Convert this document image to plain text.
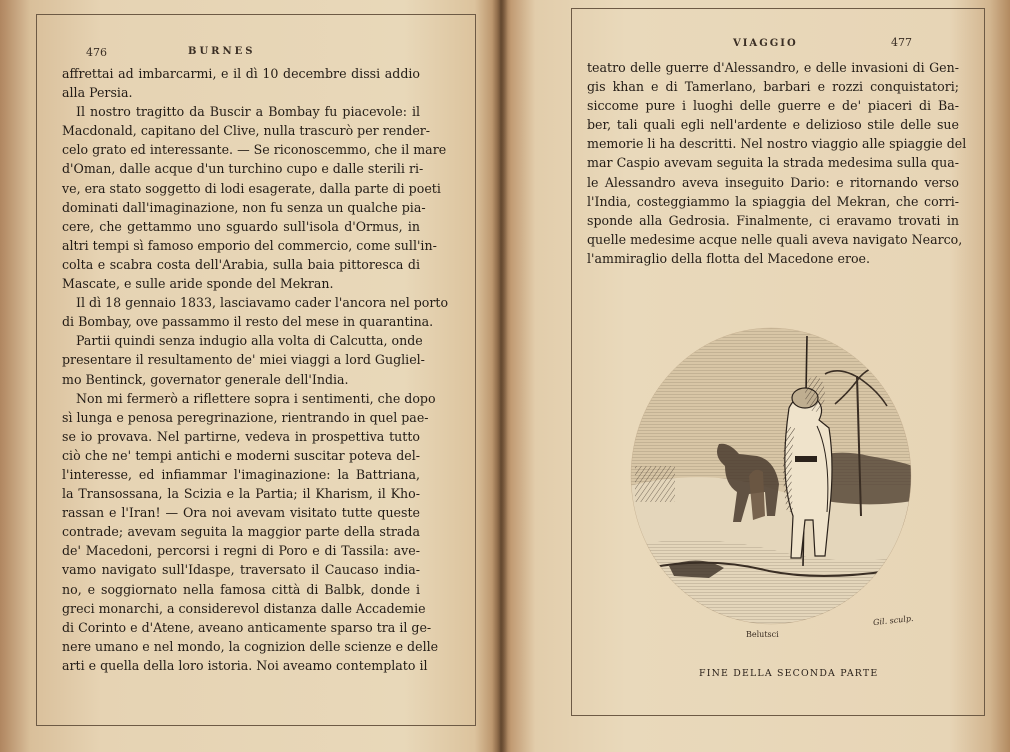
476	BURNES
affrettai ad imbarcarmi, e il dì 10 decembre dissi addio
alla Persia.
Il nostro tragitto da Buscir a Bombay fu piacevole: il
Macdonald, capitano del Clive, nulla trascurò per render-
celo grato ed interessante. — Se riconoscemmo, che il mare
d'Oman, dalle acque d'un turchino cupo e dalle sterili ri-
ve, era stato soggetto di lodi esagerate, dalla parte di poeti
dominati dall'imaginazione, non fu senza un qualche pia-
cere, che gettammo uno sguardo sull'isola d'Ormus, in
altri tempi sì famoso emporio del commercio, come sull'in-
colta e scabra costa dell'Arabia, sulla baia pittoresca di
Mascate, e sulle aride sponde del Mekran.
Il dì 18 gennaio 1833, lasciavamo cader l'ancora nel porto
di Bombay, ove passammo il resto del mese in quarantina.
Partii quindi senza indugio alla volta di Calcutta, onde
presentare il resultamento de' miei viaggi a lord Gugliel-
mo Bentinck, governator generale dell'India.
Non mi fermerò a riflettere sopra i sentimenti, che dopo
sì lunga e penosa peregrinazione, rientrando in quel pae-
se io provava. Nel partirne, vedeva in prospettiva tutto
ciò che ne' tempi antichi e moderni suscitar poteva del-
l'interesse, ed infiammar l'imaginazione: la Battriana,
la Transossana, la Scizia e la Partia; il Kharism, il Kho-
rassan e l'Iran! — Ora noi avevam visitato tutte queste
contrade; avevam seguita la maggior parte della strada
de' Macedoni, percorsi i regni di Poro e di Tassila: ave-
vamo navigato sull'Idaspe, traversato il Caucaso india-
no, e soggiornato nella famosa città di Balbk, donde i
greci monarchi, a considerevol distanza dalle Accademie
di Corinto e d'Atene, aveano anticamente sparso tra il ge-
nere umano e nel mondo, la cognizion delle scienze e delle
arti e quella della loro istoria. Noi aveamo contemplato il
VIAGGIO	477
teatro delle guerre d'Alessandro, e delle invasioni di Gen-
gis khan e di Tamerlano, barbari e rozzi conquistatori;
siccome pure i luoghi delle guerre e de' piaceri di Ba-
ber, tali quali egli nell'ardente e delizioso stile delle sue
memorie li ha descritti. Nel nostro viaggio alle spiaggie del
mar Caspio avevam seguita la strada medesima sulla qua-
le Alessandro aveva inseguito Dario: e ritornando verso
l'India, costeggiammo la spiaggia del Mekran, che corri-
sponde alla Gedrosia. Finalmente, ci eravamo trovati in
quelle medesime acque nelle quali aveva navigato Nearco,
l'ammiraglio della flotta del Macedone eroe.
Belutsci
Gil. sculp.
FINE DELLA SECONDA PARTE
